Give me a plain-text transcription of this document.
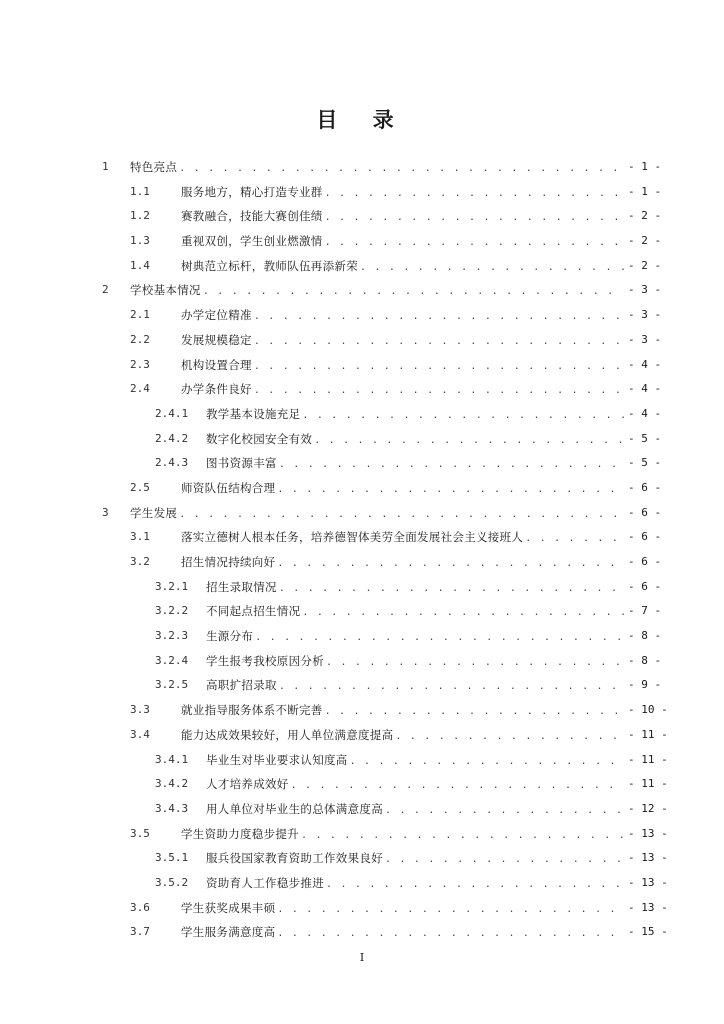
目 录
1 特色亮点 . . .	- 1 -
1.1	服务地方，精心打造专业群 . . .	- 1 -
1.2	赛教融合，技能大赛创佳绩 . . .	- 2 -
1.3	重视双创，学生创业燃激情 . . .	- 2 -
1.4	树典范立标杆，教师队伍再添新荣 . . .	- 2 -
2 学校基本情况 . . .	- 3 -
2.1	办学定位精准 . . .	- 3 -
2.2	发展规模稳定 . . .	- 3 -
2.3	机构设置合理 . . .	- 4 -
2.4	办学条件良好 . . .	- 4 -
2.4.1 教学基本设施充足 . . .	- 4 -
2.4.2 数字化校园安全有效 . . .	- 5 -
2.4.3 图书资源丰富 . . .	- 5 -
2.5	师资队伍结构合理 . . .	- 6 -
3 学生发展 . . .	- 6 -
3.1	落实立德树人根本任务，培养德智体美劳全面发展社会主义接班人 . . .	- 6 -
3.2	招生情况持续向好 . . .	- 6 -
3.2.1 招生录取情况 . . .	- 6 -
3.2.2 不同起点招生情况 . . .	- 7 -
3.2.3 生源分布 . . .	- 8 -
3.2.4 学生报考我校原因分析 . . .	- 8 -
3.2.5 高职扩招录取 . . .	- 9 -
3.3	就业指导服务体系不断完善 . . .	- 10 -
3.4	能力达成效果较好，用人单位满意度提高 . . .	- 11 -
3.4.1 毕业生对毕业要求认知度高 . . .	- 11 -
3.4.2 人才培养成效好 . . .	- 11 -
3.4.3 用人单位对毕业生的总体满意度高 . . .	- 12 -
3.5	学生资助力度稳步提升 . . .	- 13 -
3.5.1 服兵役国家教育资助工作效果良好 . . .	- 13 -
3.5.2 资助育人工作稳步推进 . . .	- 13 -
3.6	学生获奖成果丰硕 . . .	- 13 -
3.7	学生服务满意度高 . . .	- 15 -
I
